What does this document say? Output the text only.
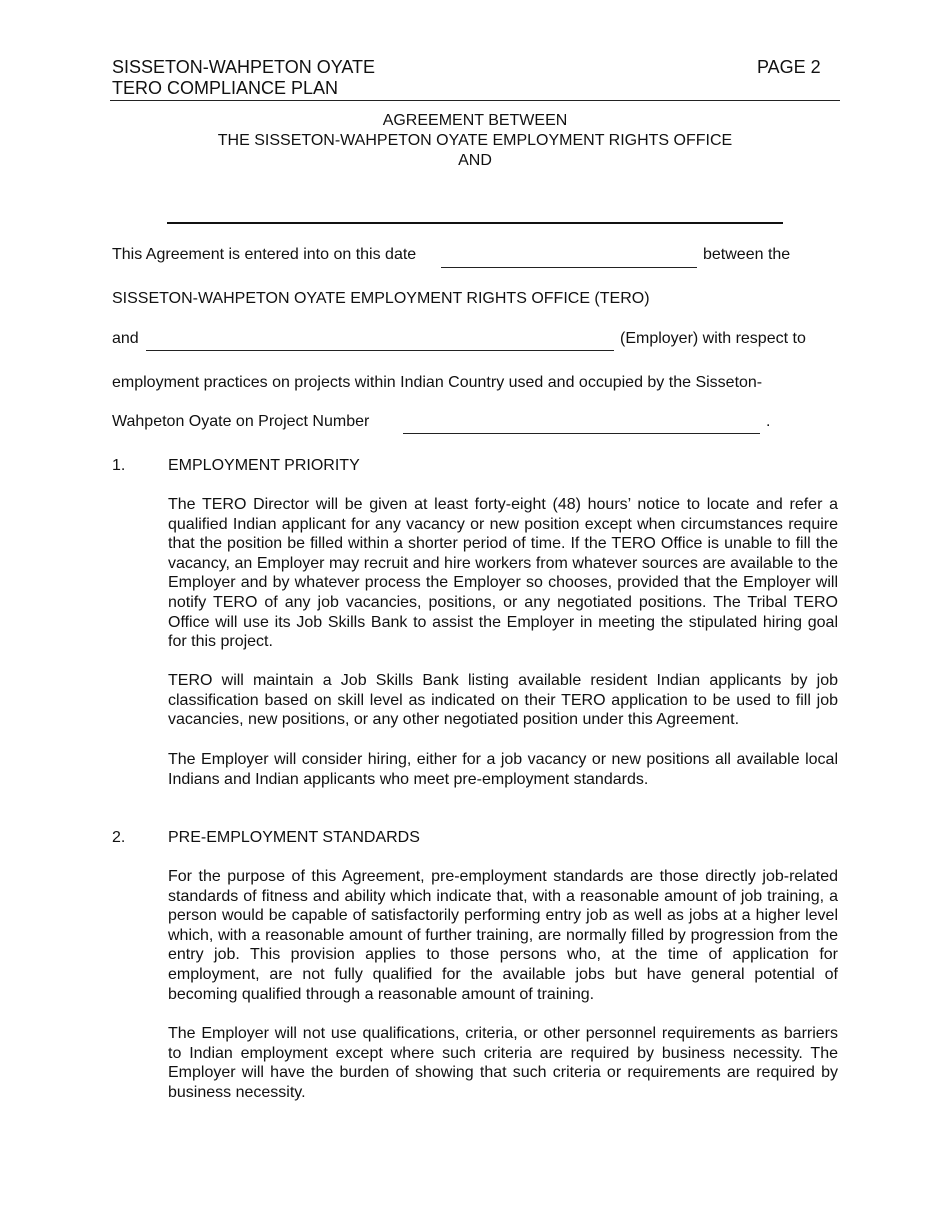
SISSETON-WAHPETON OYATE
TERO COMPLIANCE PLAN
PAGE 2
AGREEMENT BETWEEN
THE SISSETON-WAHPETON OYATE EMPLOYMENT RIGHTS OFFICE
AND
This Agreement is entered into on this date	between the
SISSETON-WAHPETON OYATE EMPLOYMENT RIGHTS OFFICE (TERO)
and	(Employer) with respect to
employment practices on projects within Indian Country used and occupied by the Sisseton-
Wahpeton Oyate on Project Number	.
1.	EMPLOYMENT PRIORITY
The TERO Director will be given at least forty-eight (48) hours’ notice to locate and refer a qualified Indian applicant for any vacancy or new position except when circumstances require that the position be filled within a shorter period of time. If the TERO Office is unable to fill the vacancy, an Employer may recruit and hire workers from whatever sources are available to the Employer and by whatever process the Employer so chooses, provided that the Employer will notify TERO of any job vacancies, positions, or any negotiated positions. The Tribal TERO Office will use its Job Skills Bank to assist the Employer in meeting the stipulated hiring goal for this project.
TERO will maintain a Job Skills Bank listing available resident Indian applicants by job classification based on skill level as indicated on their TERO application to be used to fill job vacancies, new positions, or any other negotiated position under this Agreement.
The Employer will consider hiring, either for a job vacancy or new positions all available local Indians and Indian applicants who meet pre-employment standards.
2.	PRE-EMPLOYMENT STANDARDS
For the purpose of this Agreement, pre-employment standards are those directly job-related standards of fitness and ability which indicate that, with a reasonable amount of job training, a person would be capable of satisfactorily performing entry job as well as jobs at a higher level which, with a reasonable amount of further training, are normally filled by progression from the entry job. This provision applies to those persons who, at the time of application for employment, are not fully qualified for the available jobs but have general potential of becoming qualified through a reasonable amount of training.
The Employer will not use qualifications, criteria, or other personnel requirements as barriers to Indian employment except where such criteria are required by business necessity. The Employer will have the burden of showing that such criteria or requirements are required by business necessity.
